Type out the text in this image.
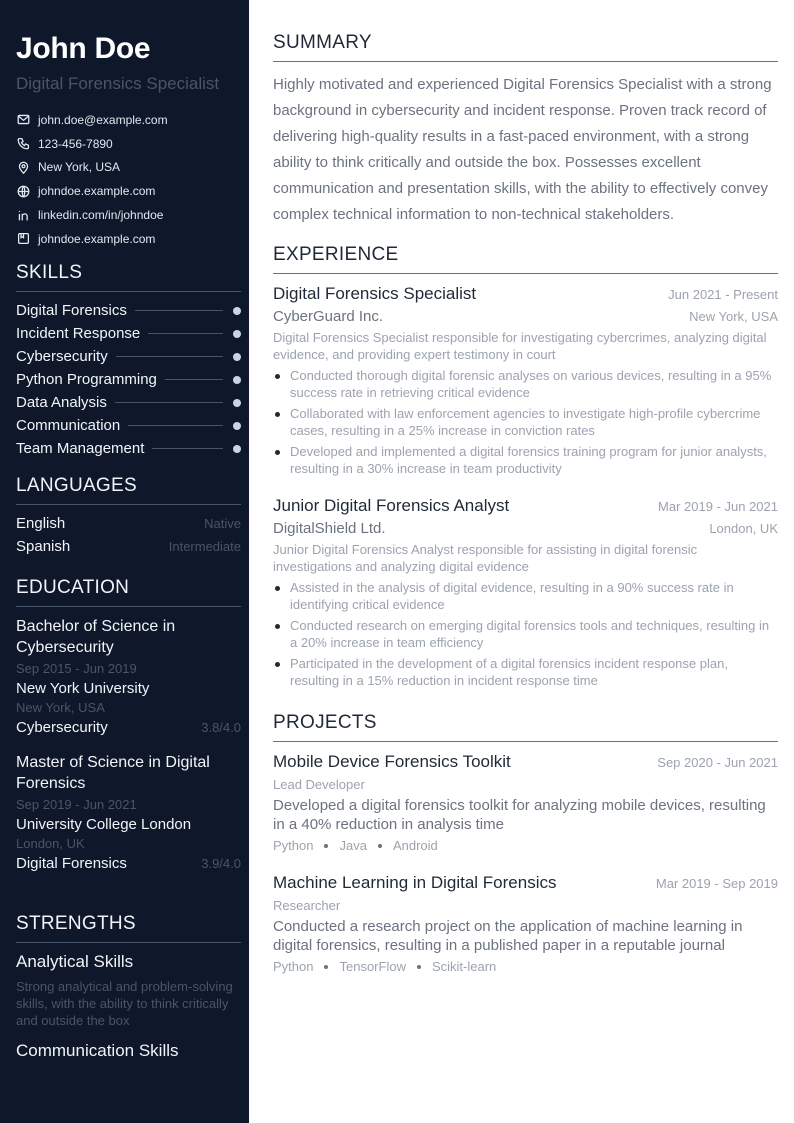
John Doe
Digital Forensics Specialist
john.doe@example.com
123-456-7890
New York, USA
johndoe.example.com
linkedin.com/in/johndoe
johndoe.example.com
SKILLS
Digital Forensics
Incident Response
Cybersecurity
Python Programming
Data Analysis
Communication
Team Management
LANGUAGES
English	Native
Spanish	Intermediate
EDUCATION
Bachelor of Science in Cybersecurity
Sep 2015 - Jun 2019
New York University
New York, USA
Cybersecurity	3.8/4.0
Master of Science in Digital Forensics
Sep 2019 - Jun 2021
University College London
London, UK
Digital Forensics	3.9/4.0
STRENGTHS
Analytical Skills
Strong analytical and problem-solving skills, with the ability to think critically and outside the box
Communication Skills
SUMMARY

Highly motivated and experienced Digital Forensics Specialist with a strong background in cybersecurity and incident response. Proven track record of delivering high-quality results in a fast-paced environment, with a strong ability to think critically and outside the box. Possesses excellent communication and presentation skills, with the ability to effectively convey complex technical information to non-technical stakeholders.

EXPERIENCE
Digital Forensics Specialist	Jun 2021 - Present
CyberGuard Inc.	New York, USA
Digital Forensics Specialist responsible for investigating cybercrimes, analyzing digital evidence, and providing expert testimony in court
Conducted thorough digital forensic analyses on various devices, resulting in a 95% success rate in retrieving critical evidence
Collaborated with law enforcement agencies to investigate high-profile cybercrime cases, resulting in a 25% increase in conviction rates
Developed and implemented a digital forensics training program for junior analysts, resulting in a 30% increase in team productivity
Junior Digital Forensics Analyst	Mar 2019 - Jun 2021
DigitalShield Ltd.	London, UK
Junior Digital Forensics Analyst responsible for assisting in digital forensic investigations and analyzing digital evidence
Assisted in the analysis of digital evidence, resulting in a 90% success rate in identifying critical evidence
Conducted research on emerging digital forensics tools and techniques, resulting in a 20% increase in team efficiency
Participated in the development of a digital forensics incident response plan, resulting in a 15% reduction in incident response time
PROJECTS
Mobile Device Forensics Toolkit	Sep 2020 - Jun 2021
Lead Developer
Developed a digital forensics toolkit for analyzing mobile devices, resulting in a 40% reduction in analysis time
Python Java Android
Machine Learning in Digital Forensics	Mar 2019 - Sep 2019
Researcher
Conducted a research project on the application of machine learning in digital forensics, resulting in a published paper in a reputable journal
Python TensorFlow Scikit-learn
